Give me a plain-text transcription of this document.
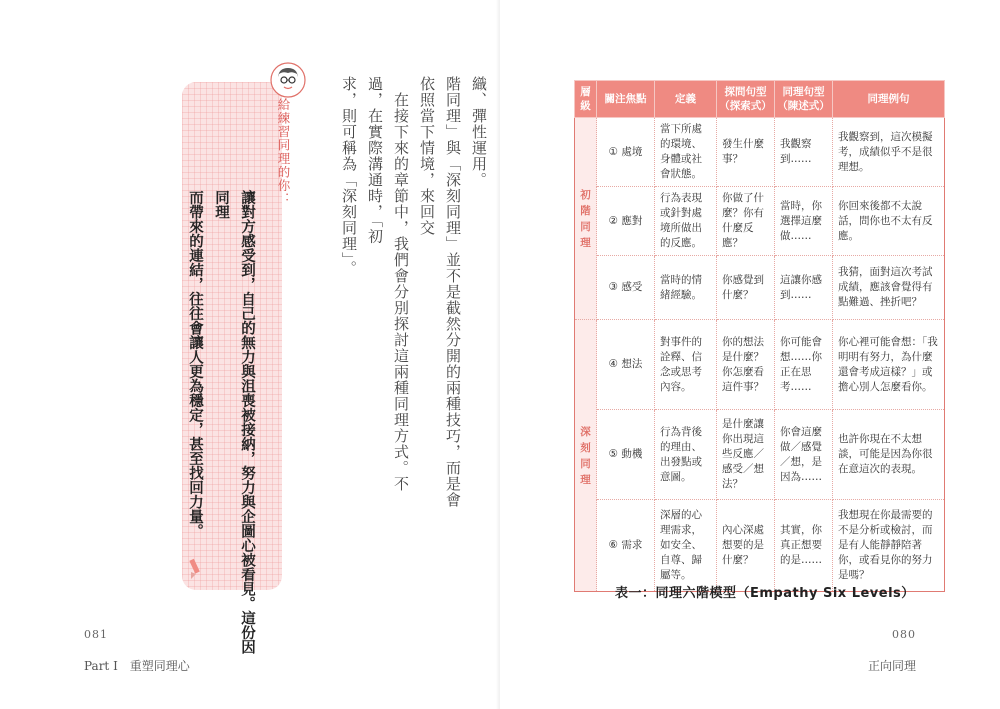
織、彈性運用。
階同理」與「深刻同理」並不是截然分開的兩種技巧，而是會依照當下情境，來回交
　在接下來的章節中，我們會分別探討這兩種同理方式。不過，在實際溝通時，「初
求，則可稱為「深刻同理」。
讓對方感受到，自己的無力與沮喪被接納，努力與企圖心被看見。這份因同理
而帶來的連結，往往會讓人更為穩定，甚至找回力量。
給練習同理的你：
081
Part I　重塑同理心
層級	關注焦點	定義	探問句型（探索式）	同理句型（陳述式）	同理例句

初階同理	① 處境	當下所處的環境、身體或社會狀態。	發生什麼事？	我觀察到……	我觀察到，這次模擬考，成績似乎不是很理想。
	② 應對	行為表現或針對處境所做出的反應。	你做了什麼？你有什麼反應？	當時，你選擇這麼做……	你回來後都不太說話，問你也不太有反應。
	③ 感受	當時的情緒經驗。	你感覺到什麼？	這讓你感到……	我猜，面對這次考試成績，應該會覺得有點難過、挫折吧？

深刻同理	④ 想法	對事件的詮釋、信念或思考內容。	你的想法是什麼？你怎麼看這件事？	你可能會想……你正在思考……	你心裡可能會想：「我明明有努力，為什麼還會考成這樣？」或擔心別人怎麼看你。
	⑤ 動機	行為背後的理由、出發點或意圖。	是什麼讓你出現這些反應／感受／想法？	你會這麼做／感覺／想，是因為……	也許你現在不太想談，可能是因為你很在意這次的表現。
	⑥ 需求	深層的心理需求，如安全、自尊、歸屬等。	內心深處想要的是什麼？	其實，你真正想要的是……	我想現在你最需要的不是分析或檢討，而是有人能靜靜陪著你，或看見你的努力是嗎？
表一：同理六階模型（Empathy Six Levels）
080
正向同理
